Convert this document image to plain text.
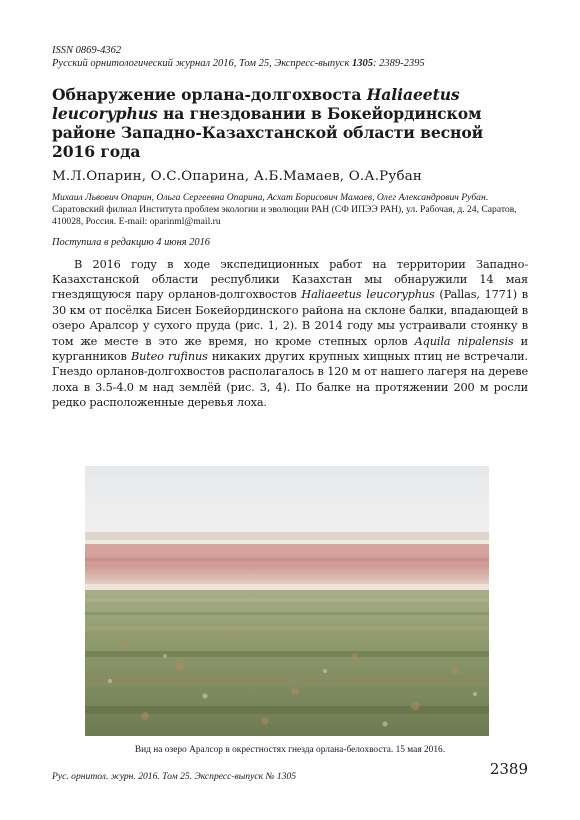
ISSN 0869-4362
Русский орнитологический журнал 2016, Том 25, Экспресс-выпуск 1305: 2389-2395
Обнаружение орлана-долгохвоста Haliaeetus leucoryphus на гнездовании в Бокейординском районе Западно-Казахстанской области весной 2016 года
М.Л.Опарин, О.С.Опарина, А.Б.Мамаев, О.А.Рубан
Михаил Львович Опарин, Ольга Сергеевна Опарина, Асхат Борисович Мамаев, Олег Александрович Рубан. Саратовский филиал Института проблем экологии и эволюции РАН (СФ ИПЭЭ РАН), ул. Рабочая, д. 24, Саратов, 410028, Россия. E-mail: oparinml@mail.ru
Поступила в редакцию 4 июня 2016

В 2016 году в ходе экспедиционных работ на территории Западно-Казахстанской области республики Казахстан мы обнаружили 14 мая гнездящуюся пару орланов-долгохвостов Haliaeetus leucoryphus (Pallas, 1771) в 30 км от посёлка Бисен Бокейординского района на склоне балки, впадающей в озеро Аралсор у сухого пруда (рис. 1, 2). В 2014 году мы устраивали стоянку в том же месте в это же время, но кроме степных орлов Aquila nipalensis и курганников Buteo rufinus никаких других крупных хищных птиц не встречали. Гнездо орланов-долгохвостов располагалось в 120 м от нашего лагеря на дереве лоха в 3.5-4.0 м над землёй (рис. 3, 4). По балке на протяжении 200 м росли редко расположенные деревья лоха.

Вид на озеро Аралсор в окрестностях гнезда орлана-белохвоста. 15 мая 2016.
Рус. орнитол. журн. 2016. Том 25. Экспресс-выпуск № 1305	2389
